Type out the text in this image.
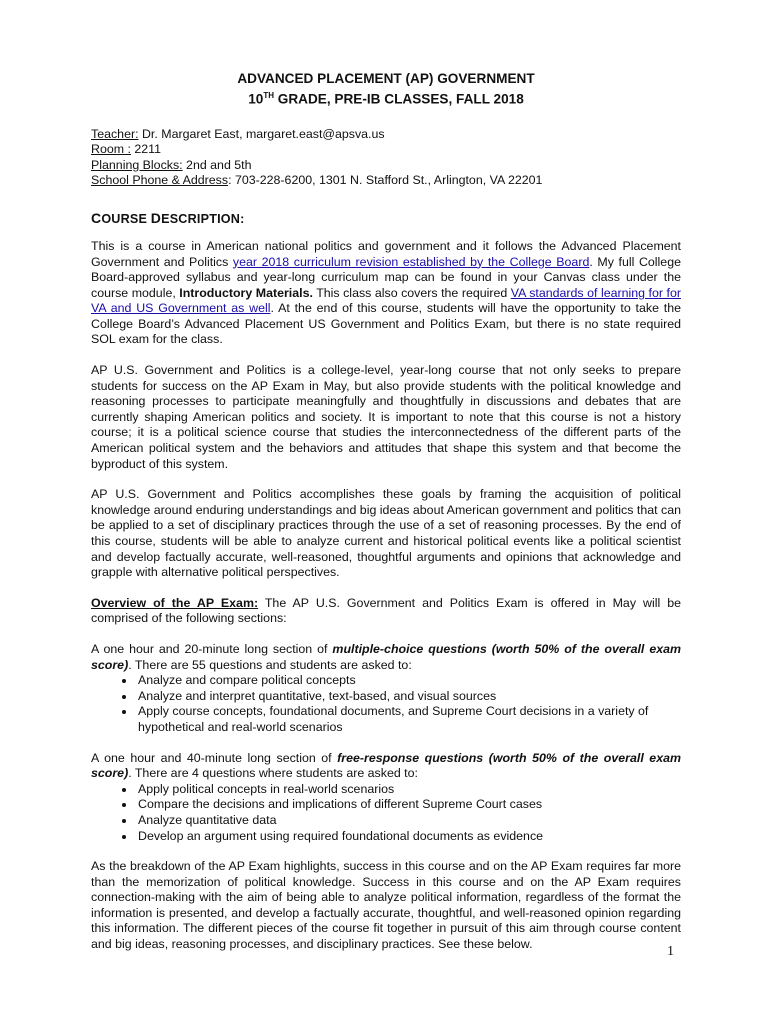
ADVANCED PLACEMENT (AP) GOVERNMENT
10TH GRADE, PRE-IB CLASSES, FALL 2018
Teacher: Dr. Margaret East, margaret.east@apsva.us
Room : 2211
Planning Blocks: 2nd and 5th
School Phone & Address: 703-228-6200, 1301 N. Stafford St., Arlington, VA 22201
COURSE DESCRIPTION:

This is a course in American national politics and government and it follows the Advanced Placement Government and Politics year 2018 curriculum revision established by the College Board. My full College Board-approved syllabus and year-long curriculum map can be found in your Canvas class under the course module, Introductory Materials. This class also covers the required VA standards of learning for for VA and US Government as well. At the end of this course, students will have the opportunity to take the College Board’s Advanced Placement US Government and Politics Exam, but there is no state required SOL exam for the class.

AP U.S. Government and Politics is a college-level, year-long course that not only seeks to prepare students for success on the AP Exam in May, but also provide students with the political knowledge and reasoning processes to participate meaningfully and thoughtfully in discussions and debates that are currently shaping American politics and society. It is important to note that this course is not a history course; it is a political science course that studies the interconnectedness of the different parts of the American political system and the behaviors and attitudes that shape this system and that become the byproduct of this system.

AP U.S. Government and Politics accomplishes these goals by framing the acquisition of political knowledge around enduring understandings and big ideas about American government and politics that can be applied to a set of disciplinary practices through the use of a set of reasoning processes. By the end of this course, students will be able to analyze current and historical political events like a political scientist and develop factually accurate, well-reasoned, thoughtful arguments and opinions that acknowledge and grapple with alternative political perspectives.

Overview of the AP Exam: The AP U.S. Government and Politics Exam is offered in May will be comprised of the following sections:

A one hour and 20-minute long section of multiple-choice questions (worth 50% of the overall exam score). There are 55 questions and students are asked to:

• Analyze and compare political concepts
• Analyze and interpret quantitative, text-based, and visual sources
• Apply course concepts, foundational documents, and Supreme Court decisions in a variety of hypothetical and real-world scenarios

A one hour and 40-minute long section of free-response questions (worth 50% of the overall exam score). There are 4 questions where students are asked to:

• Apply political concepts in real-world scenarios
• Compare the decisions and implications of different Supreme Court cases
• Analyze quantitative data
• Develop an argument using required foundational documents as evidence

As the breakdown of the AP Exam highlights, success in this course and on the AP Exam requires far more than the memorization of political knowledge. Success in this course and on the AP Exam requires connection-making with the aim of being able to analyze political information, regardless of the format the information is presented, and develop a factually accurate, thoughtful, and well-reasoned opinion regarding this information. The different pieces of the course fit together in pursuit of this aim through course content and big ideas, reasoning processes, and disciplinary practices. See these below.	1
